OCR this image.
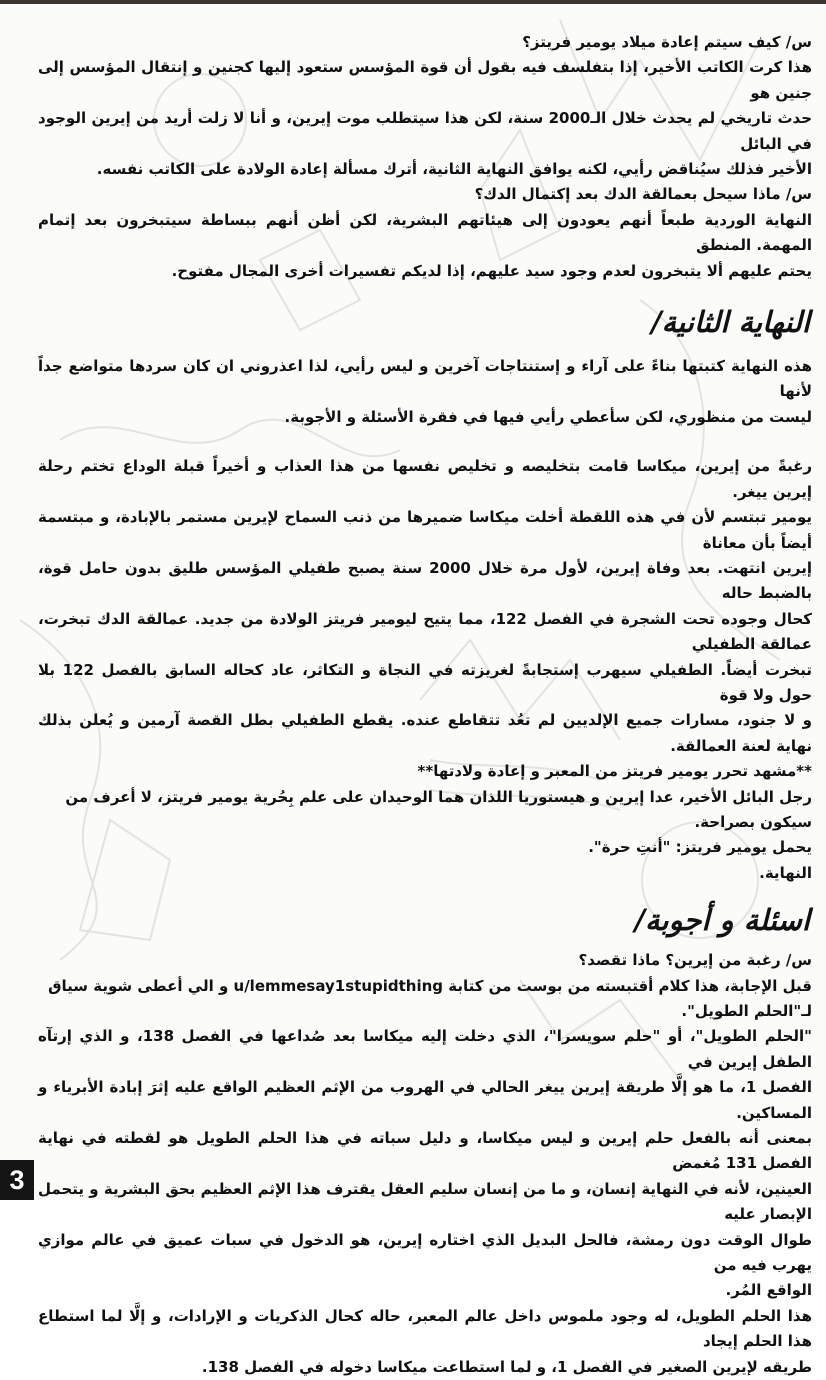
س/ كيف سيتم إعادة ميلاد يومير فريتز؟
هذا كرت الكاتب الأخير، إذا بتفلسف فيه بقول أن قوة المؤسس ستعود إليها كجنين و إنتقال المؤسس إلى جنين هو
حدث تاريخي لم يحدث خلال الـ2000 سنة، لكن هذا سيتطلب موت إيرين، و أنا لا زلت أريد من إيرين الوجود في البائل
الأخير فذلك سيُناقض رأيي، لكنه يوافق النهاية الثانية، أترك مسألة إعادة الولادة على الكاتب نفسه.
س/ ماذا سيحل بعمالقة الدك بعد إكتمال الدك؟
النهاية الوردية طبعاً أنهم يعودون إلى هيئاتهم البشرية، لكن أظن أنهم ببساطة سيتبخرون بعد إتمام المهمة. المنطق
يحتم عليهم ألا يتبخرون لعدم وجود سيد عليهم، إذا لديكم تفسيرات أخرى المجال مفتوح.
النهاية الثانية/
هذه النهاية كتبتها بناءً على آراء و إستنتاجات آخرين و ليس رأيي، لذا اعذروني ان كان سردها متواضع جداً لأنها
ليست من منظوري، لكن سأعطي رأيي فيها في فقرة الأسئلة و الأجوبة.
رغبةً من إيرين، ميكاسا قامت بتخليصه و تخليص نفسها من هذا العذاب و أخيراً قبلة الوداع تختم رحلة إيرين ييغر.
يومير تبتسم لأن في هذه اللقطة أخلت ميكاسا ضميرها من ذنب السماح لإيرين مستمر بالإبادة، و مبتسمة أيضاً بأن معاناة
إيرين انتهت. بعد وفاة إيرين، لأول مرة خلال 2000 سنة يصبح طفيلي المؤسس طليق بدون حامل قوة، بالضبط حاله
كحال وجوده تحت الشجرة في الفصل 122، مما يتيح ليومير فريتز الولادة من جديد. عمالقة الدك تبخرت، عمالقة الطفيلي
تبخرت أيضاً. الطفيلي سيهرب إستجابةً لغريزته في النجاة و التكاثر، عاد كحاله السابق بالفصل 122 بلا حول ولا قوة
و لا جنود، مسارات جميع الإلديين لم تعُد تتقاطع عنده. يقطع الطفيلي بطل القصة آرمين و يُعلن بذلك نهاية لعنة العمالقة.
**مشهد تحرر يومير فريتز من المعبر و إعادة ولادتها**
رجل البائل الأخير، عدا إيرين و هيستوريا اللذان هما الوحيدان على علم بِحُرية يومير فريتز، لا أعرف من
سيكون بصراحة.
يحمل يومير فريتز: "أنتِ حرة".
النهاية.
اسئلة و أجوبة/
س/ رغبة من إيرين؟ ماذا تقصد؟
قبل الإجابة، هذا كلام أقتبسته من بوست من كتابة u/lemmesay1stupidthing و الي أعطى شوية سياق
لـ"الحلم الطويل".
"الحلم الطويل"، أو "حلم سويسرا"، الذي دخلت إليه ميكاسا بعد صُداعها في الفصل 138، و الذي إرتآه الطفل إيرين في
الفصل 1، ما هو إلَّا طريقة إيرين ييغر الحالي في الهروب من الإثم العظيم الواقع عليه إثرَ إبادة الأبرياء و المساكين.
بمعنى أنه بالفعل حلم إيرين و ليس ميكاسا، و دليل سباته في هذا الحلم الطويل هو لقطته في نهاية الفصل 131 مُغمض
العينين، لأنه في النهاية إنسان، و ما من إنسان سليم العقل يقترف هذا الإثم العظيم بحق البشرية و يتحمل الإبصار عليه
طوال الوقت دون رمشة، فالحل البديل الذي اختاره إيرين، هو الدخول في سبات عميق في عالم موازي يهرب فيه من
الواقع المُر.
هذا الحلم الطويل، له وجود ملموس داخل عالم المعبر، حاله كحال الذكريات و الإرادات، و إلَّا لما استطاع هذا الحلم إيجاد
طريقه لإيرين الصغير في الفصل 1، و لما استطاعت ميكاسا دخوله في الفصل 138.
3
